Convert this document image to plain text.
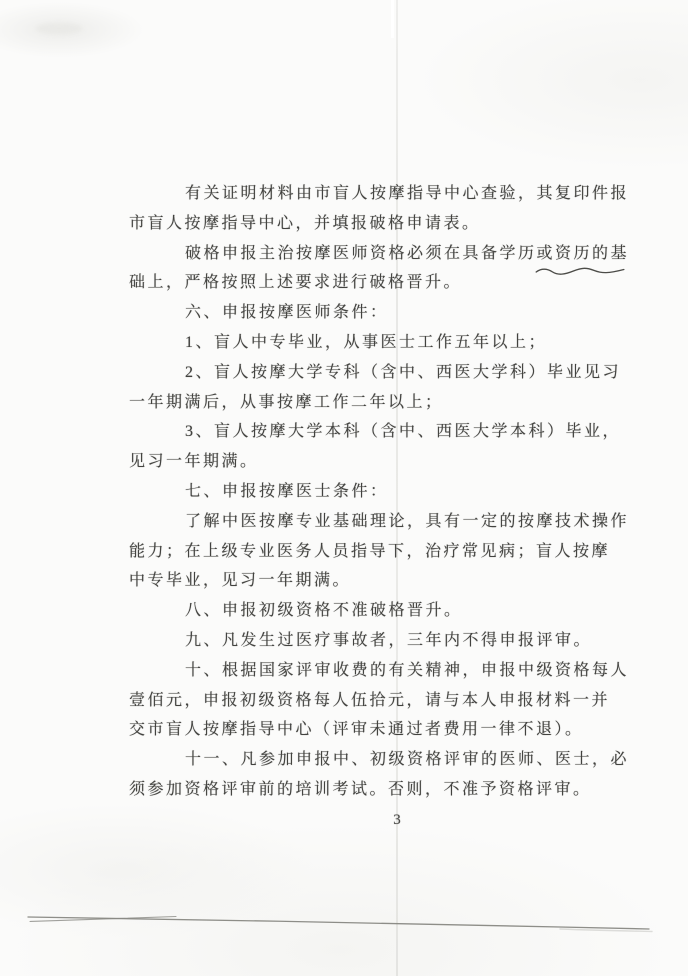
有关证明材料由市盲人按摩指导中心查验，其复印件报
市盲人按摩指导中心，并填报破格申请表。
破格申报主治按摩医师资格必须在具备学历或资历的
基
础上，严格按照上述要求进行破格晋升。
六、申报按摩医师条件：
1、盲人中专毕业，从事医士工作五年以上；
2、盲人按摩大学专科（含中、西医大学科）毕业见习
一年期满后，从事按摩工作二年以上；
3、盲人按摩大学本科（含中、西医大学本科）毕业，
见习一年期满。
七、申报按摩医士条件：
了解中医按摩专业基础理论，具有一定的按摩技术操作
能力；在上级专业医务人员指导下，治疗常见病；盲人按摩
中专毕业，见习一年期满。
八、申报初级资格不准破格晋升。
九、凡发生过医疗事故者，三年内不得申报评审。
十、根据国家评审收费的有关精神，申报中级资格每人
壹佰元，申报初级资格每人伍拾元，请与本人申报材料一并
交市盲人按摩指导中心（评审未通过者费用一律不退）。
十一、凡参加申报中、初级资格评审的医师、医士，必
须参加资格评审前的培训考试。否则，不准予资格评审。
3
